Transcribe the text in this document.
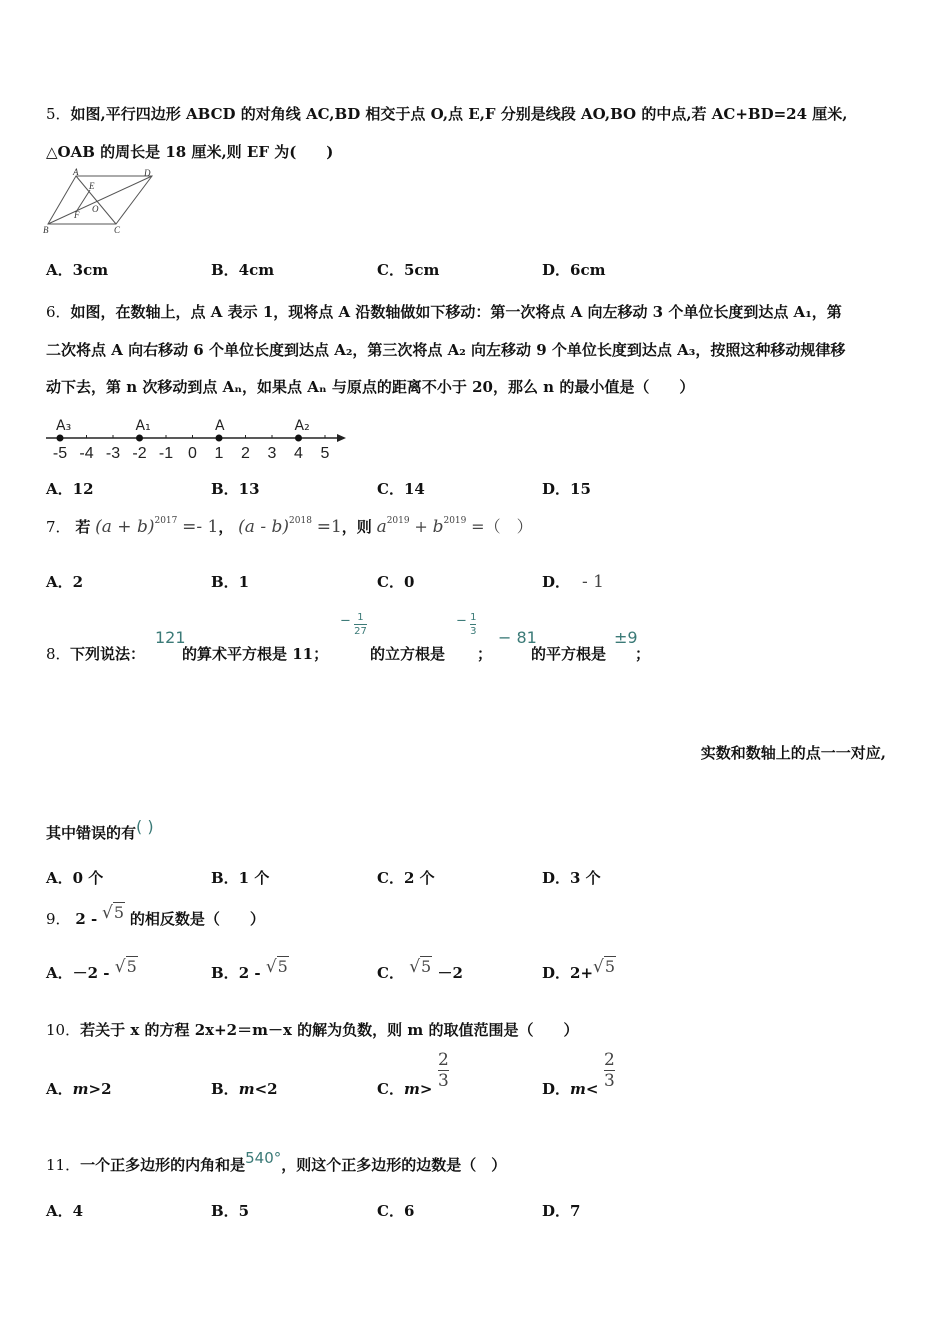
5．如图,平行四边形 ABCD 的对角线 AC,BD 相交于点 O,点 E,F 分别是线段 AO,BO 的中点,若 AC+BD=24 厘米,
△OAB 的周长是 18 厘米,则 EF 为(　　)
A	D
E
O
F
B	C
A．3cm	B．4cm	C．5cm	D．6cm
6．如图，在数轴上，点 A 表示 1，现将点 A 沿数轴做如下移动：第一次将点 A 向左移动 3 个单位长度到达点 A₁，第
二次将点 A 向右移动 6 个单位长度到达点 A₂，第三次将点 A₂ 向左移动 9 个单位长度到达点 A₃，按照这种移动规律移
动下去，第 n 次移动到点 Aₙ，如果点 Aₙ 与原点的距离不小于 20，那么 n 的最小值是（　　）
-5 -4 -3 -2 -1 0 1 2 3 4 5
A₃	A₁	A	A₂
A．12	B．13	C．14	D．15
7． 若 $(a + b)^{2017} =- 1$， (a - b)$^{2018}$ =1，则 $a^{2019} + b^{2019}$ =（　）
A．2	B．1	C．0	D． - 1
8． 下列说法：
121
的算术平方根是 11；
− $\frac{1}{27}$
的立方根是
− $\frac{1}{3}$
；
− 81
的平方根是
±9
；
实数和数轴上的点一一对应,
其中错误的有( )
A．0 个	B．1 个	C．2 个	D．3 个
9． 2 - √5 的相反数是（　　）
A．－2 - √5	B．2 - √5	C． √5 －2	D．2+√5
10．若关于 x 的方程 2x+2＝m－x 的解为负数，则 m 的取值范围是（　　）
A．m>2	B．m<2	C．m>
2
3	D．m<
2
3
11．一个正多边形的内角和是540°，则这个正多边形的边数是（　）
A．4	B．5	C．6	D．7
